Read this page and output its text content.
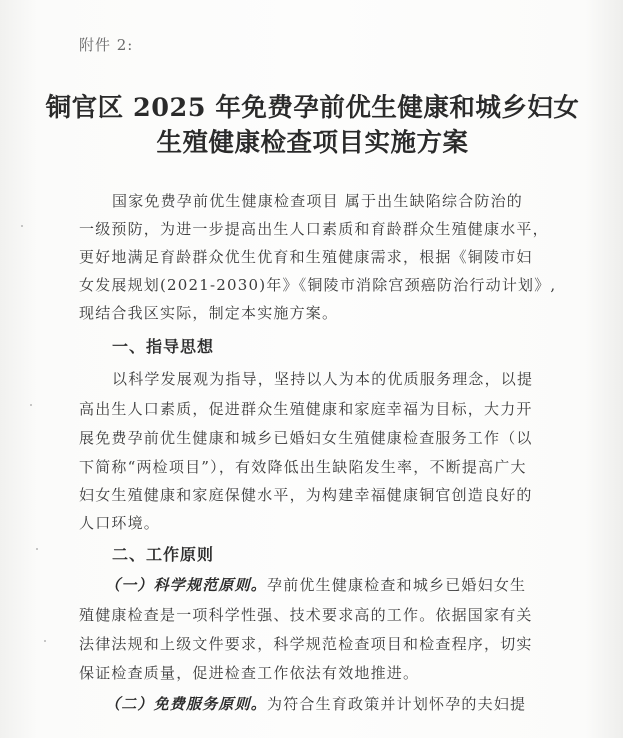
附件 2:
铜官区 2025 年免费孕前优生健康和城乡妇女
生殖健康检查项目实施方案
国家免费孕前优生健康检查项目 属于出生缺陷综合防治的
一级预防，为进一步提高出生人口素质和育龄群众生殖健康水平，
更好地满足育龄群众优生优育和生殖健康需求，根据《铜陵市妇
女发展规划(2021-2030)年》《铜陵市消除宫颈癌防治行动计划》,
现结合我区实际，制定本实施方案。
一、指导思想
以科学发展观为指导，坚持以人为本的优质服务理念，以提
高出生人口素质，促进群众生殖健康和家庭幸福为目标，大力开
展免费孕前优生健康和城乡已婚妇女生殖健康检查服务工作（以
下简称“两检项目”），有效降低出生缺陷发生率，不断提高广大
妇女生殖健康和家庭保健水平，为构建幸福健康铜官创造良好的
人口环境。
二、工作原则
（一）科学规范原则。孕前优生健康检查和城乡已婚妇女生
殖健康检查是一项科学性强、技术要求高的工作。依据国家有关
法律法规和上级文件要求，科学规范检查项目和检查程序，切实
保证检查质量，促进检查工作依法有效地推进。
（二）免费服务原则。为符合生育政策并计划怀孕的夫妇提
